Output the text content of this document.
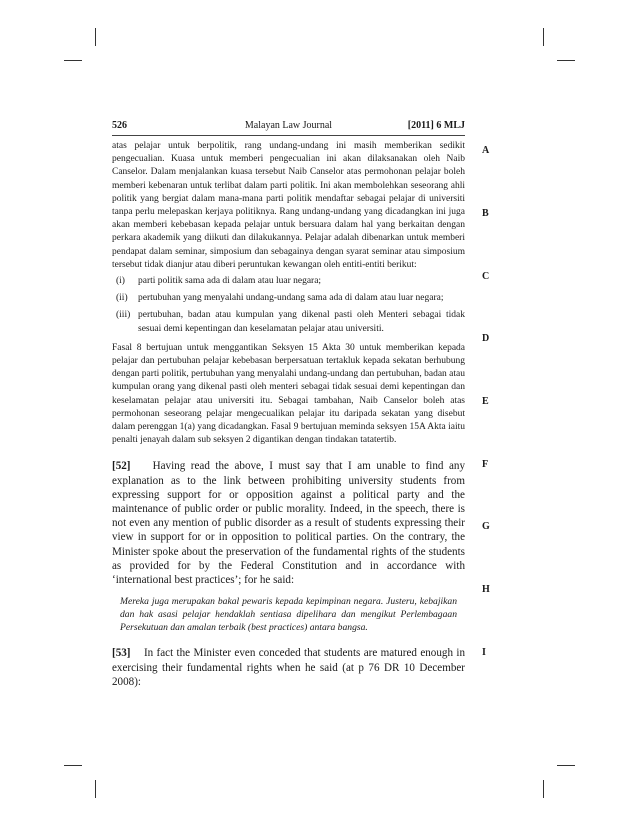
526	Malayan Law Journal	[2011] 6 MLJ

atas pelajar untuk berpolitik, rang undang-undang ini masih memberikan sedikit pengecualian. Kuasa untuk memberi pengecualian ini akan dilaksanakan oleh Naib Canselor. Dalam menjalankan kuasa tersebut Naib Canselor atas permohonan pelajar boleh memberi kebenaran untuk terlibat dalam parti politik. Ini akan membolehkan seseorang ahli politik yang bergiat dalam mana-mana parti politik mendaftar sebagai pelajar di universiti tanpa perlu melepaskan kerjaya politiknya. Rang undang-undang yang dicadangkan ini juga akan memberi kebebasan kepada pelajar untuk bersuara dalam hal yang berkaitan dengan perkara akademik yang diikuti dan dilakukannya. Pelajar adalah dibenarkan untuk memberi pendapat dalam seminar, simposium dan sebagainya dengan syarat seminar atau simposium tersebut tidak dianjur atau diberi peruntukan kewangan oleh entiti-entiti berikut:

(i) parti politik sama ada di dalam atau luar negara;
(ii) pertubuhan yang menyalahi undang-undang sama ada di dalam atau luar negara;
(iii) pertubuhan, badan atau kumpulan yang dikenal pasti oleh Menteri sebagai tidak sesuai demi kepentingan dan keselamatan pelajar atau universiti.

Fasal 8 bertujuan untuk menggantikan Seksyen 15 Akta 30 untuk memberikan kepada pelajar dan pertubuhan pelajar kebebasan berpersatuan tertakluk kepada sekatan berhubung dengan parti politik, pertubuhan yang menyalahi undang-undang dan pertubuhan, badan atau kumpulan orang yang dikenal pasti oleh menteri sebagai tidak sesuai demi kepentingan dan keselamatan pelajar atau universiti itu. Sebagai tambahan, Naib Canselor boleh atas permohonan seseorang pelajar mengecualikan pelajar itu daripada sekatan yang disebut dalam perenggan 1(a) yang dicadangkan. Fasal 9 bertujuan meminda seksyen 15A Akta iaitu penalti jenayah dalam sub seksyen 2 digantikan dengan tindakan tatatertib.

[52] Having read the above, I must say that I am unable to find any explanation as to the link between prohibiting university students from expressing support for or opposition against a political party and the maintenance of public order or public morality. Indeed, in the speech, there is not even any mention of public disorder as a result of students expressing their view in support for or in opposition to political parties. On the contrary, the Minister spoke about the preservation of the fundamental rights of the students as provided for by the Federal Constitution and in accordance with ‘international best practices’; for he said:

Mereka juga merupakan bakal pewaris kepada kepimpinan negara. Justeru, kebajikan dan hak asasi pelajar hendaklah sentiasa dipelihara dan mengikut Perlembagaan Persekutuan dan amalan terbaik (best practices) antara bangsa.

[53] In fact the Minister even conceded that students are matured enough in exercising their fundamental rights when he said (at p 76 DR 10 December 2008):

A
B
C
D
E
F
G
H
I
